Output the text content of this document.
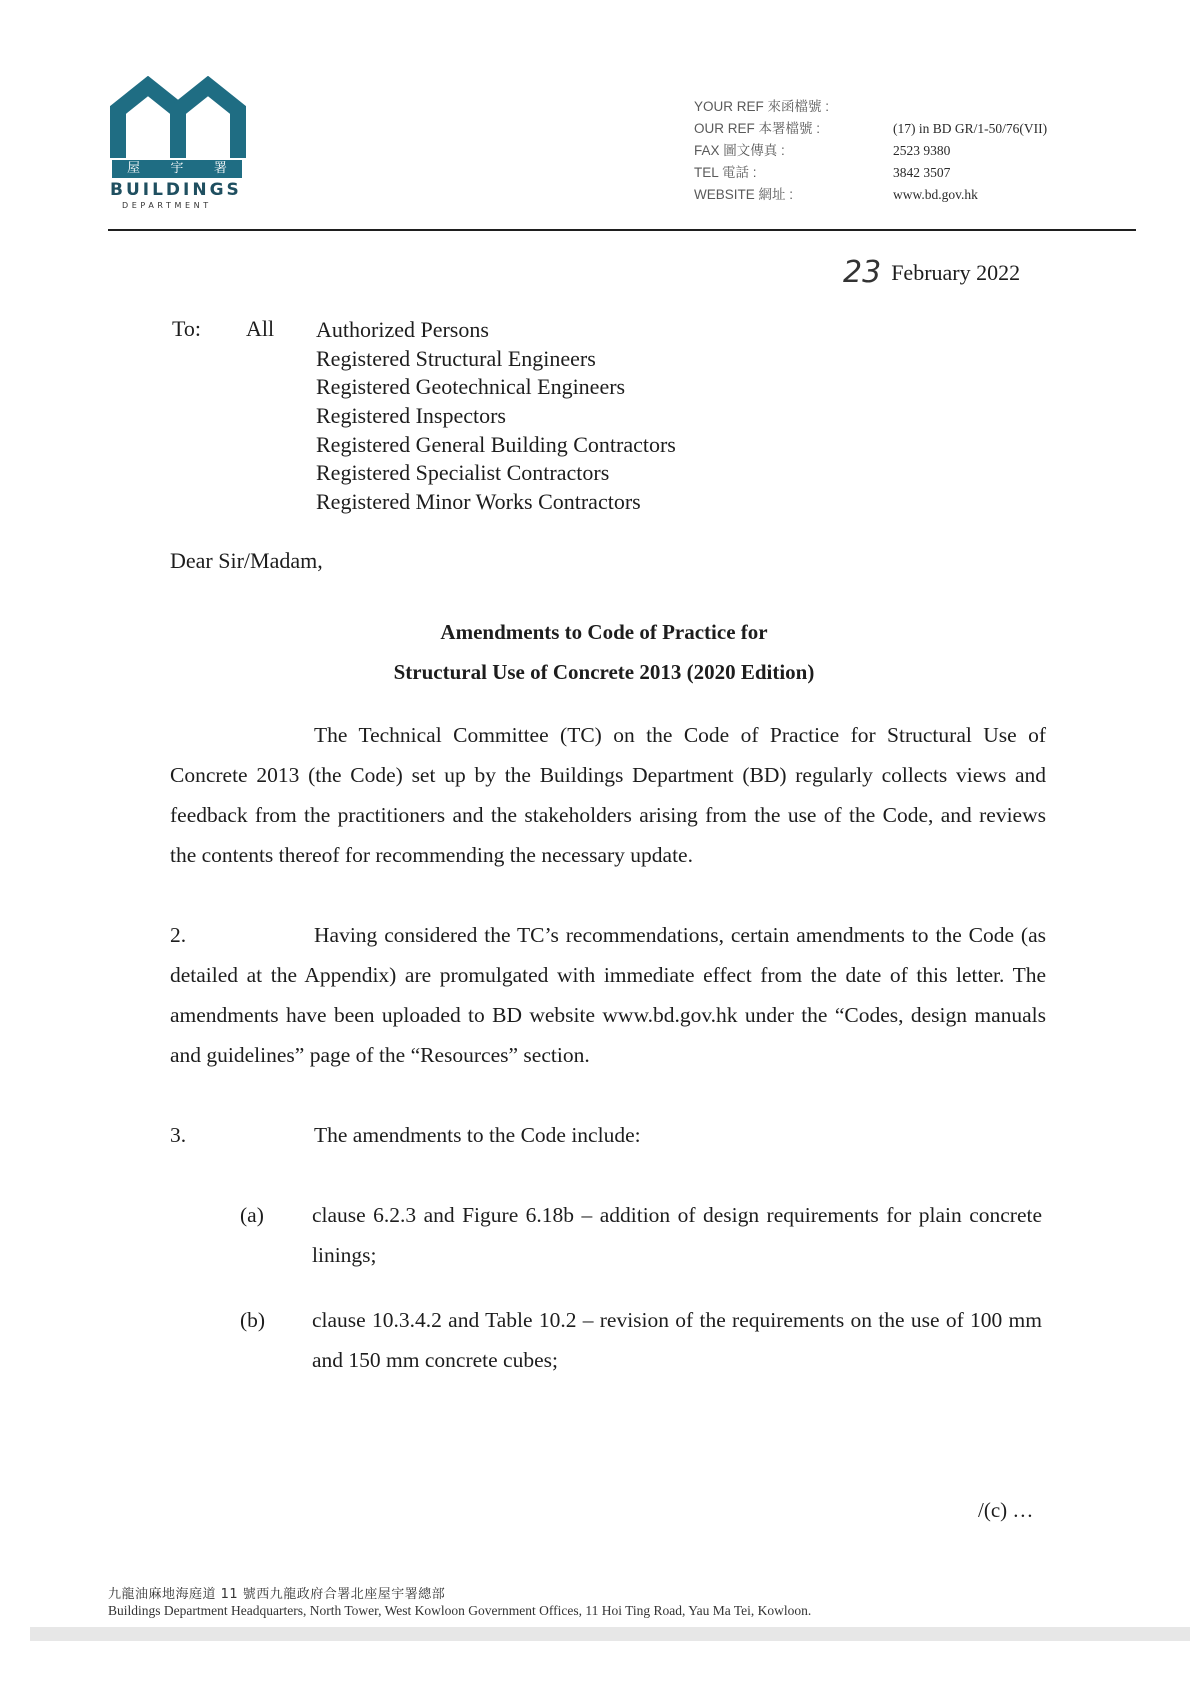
屋 宇 署
BUILDINGS
DEPARTMENT
YOUR REF 來函檔號 :
OUR REF 本署檔號 :
FAX 圖文傳真 :
TEL 電話 :
WEBSITE 網址 :
(17) in BD GR/1-50/76(VII)
2523 9380
3842 3507
www.bd.gov.hk
23 February 2022
To: All Authorized Persons
Registered Structural Engineers
Registered Geotechnical Engineers
Registered Inspectors
Registered General Building Contractors
Registered Specialist Contractors
Registered Minor Works Contractors
Dear Sir/Madam,
Amendments to Code of Practice for
Structural Use of Concrete 2013 (2020 Edition)
The Technical Committee (TC) on the Code of Practice for Structural Use of Concrete 2013 (the Code) set up by the Buildings Department (BD) regularly collects views and feedback from the practitioners and the stakeholders arising from the use of the Code, and reviews the contents thereof for recommending the necessary update.
2.	Having considered the TC’s recommendations, certain amendments to the Code (as detailed at the Appendix) are promulgated with immediate effect from the date of this letter. The amendments have been uploaded to BD website www.bd.gov.hk under the “Codes, design manuals and guidelines” page of the “Resources” section.
3.	The amendments to the Code include:
(a) clause 6.2.3 and Figure 6.18b – addition of design requirements for plain concrete linings;
(b) clause 10.3.4.2 and Table 10.2 – revision of the requirements on the use of 100 mm and 150 mm concrete cubes;
/(c) …
九龍油麻地海庭道 11 號西九龍政府合署北座屋宇署總部
Buildings Department Headquarters, North Tower, West Kowloon Government Offices, 11 Hoi Ting Road, Yau Ma Tei, Kowloon.
